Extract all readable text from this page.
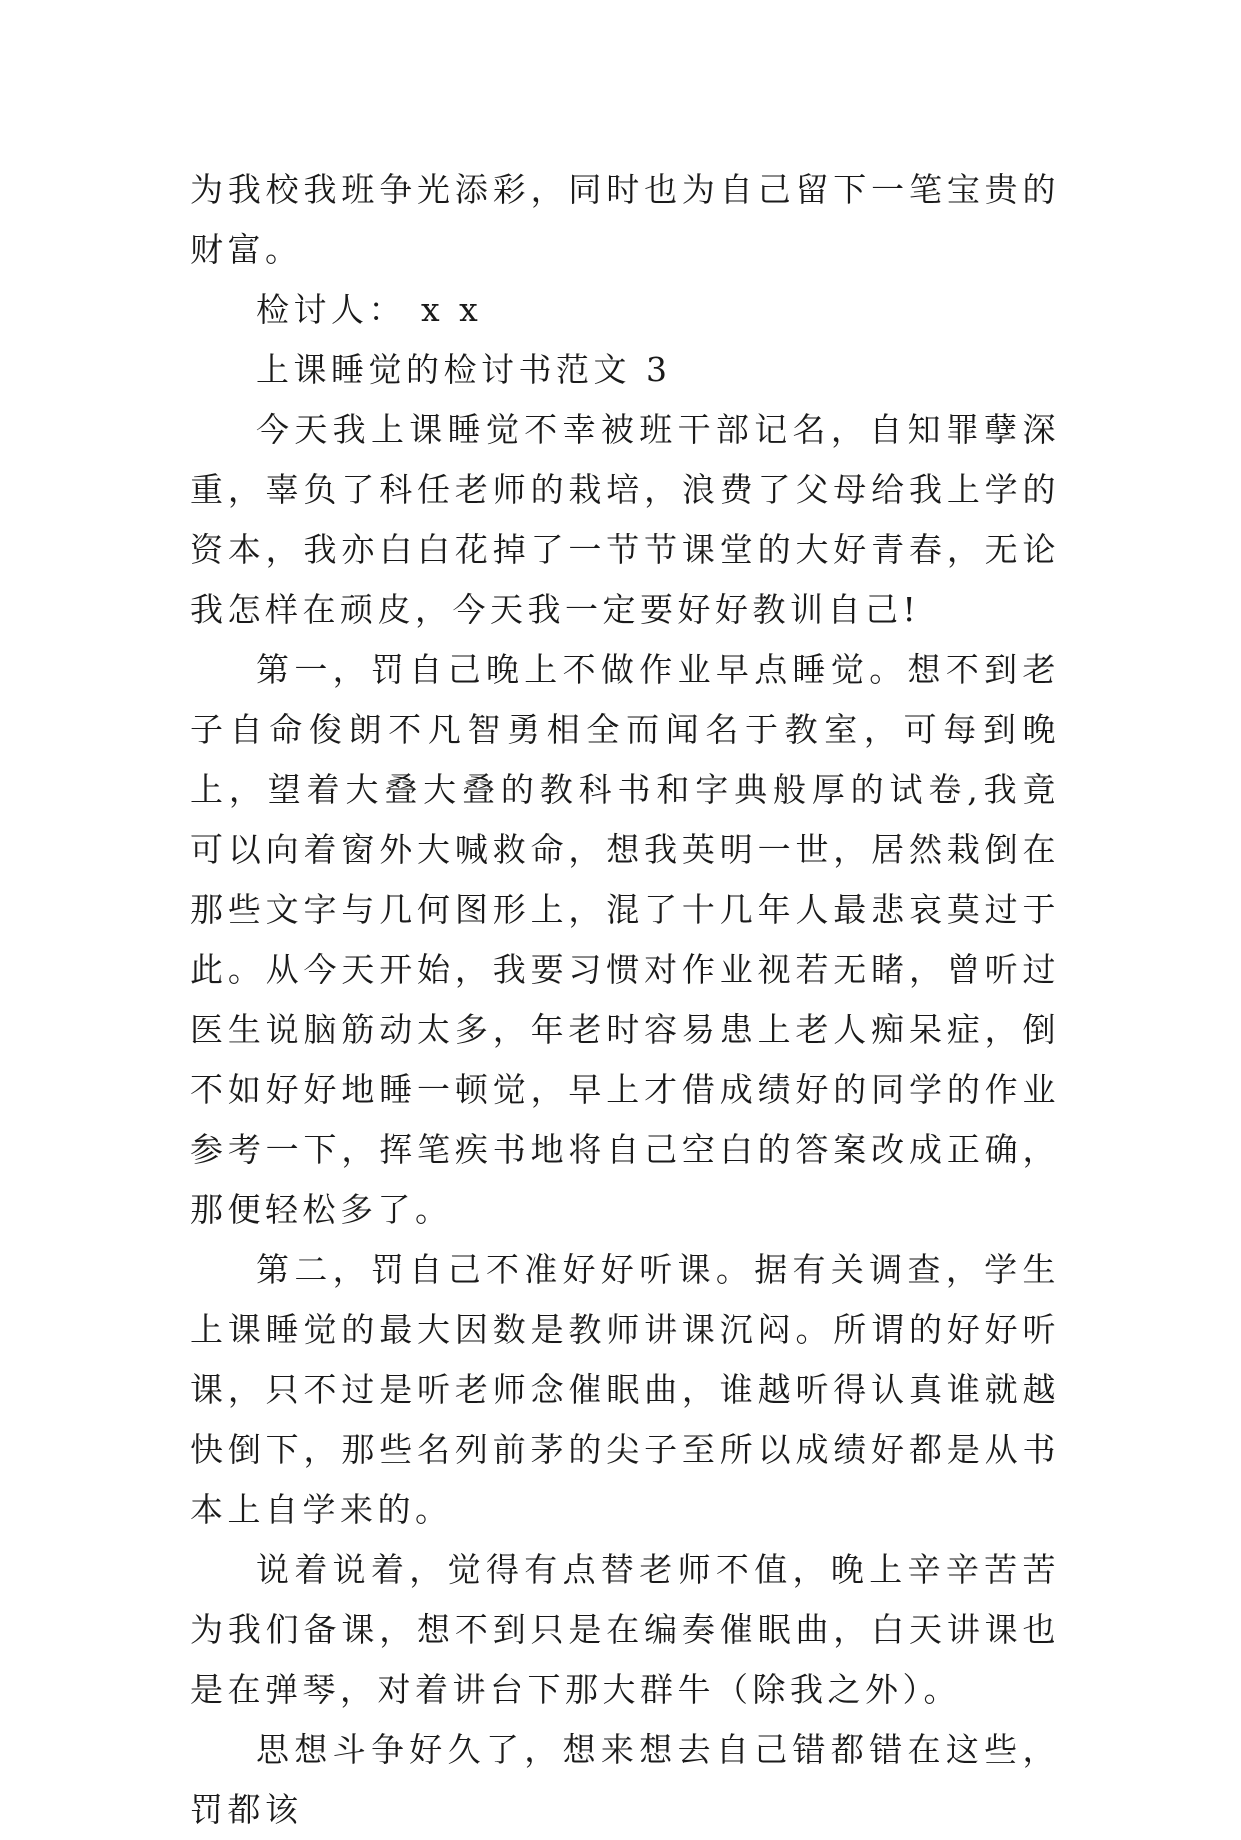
为我校我班争光添彩，同时也为自己留下一笔宝贵的财富。

检讨人： x x

上课睡觉的检讨书范文 3

今天我上课睡觉不幸被班干部记名，自知罪孽深重，辜负了科任老师的栽培，浪费了父母给我上学的资本，我亦白白花掉了一节节课堂的大好青春，无论我怎样在顽皮，今天我一定要好好教训自己!

第一，罚自己晚上不做作业早点睡觉。想不到老子自命俊朗不凡智勇相全而闻名于教室，可每到晚上，望着大叠大叠的教科书和字典般厚的试卷,我竟可以向着窗外大喊救命，想我英明一世，居然栽倒在那些文字与几何图形上，混了十几年人最悲哀莫过于此。从今天开始，我要习惯对作业视若无睹，曾听过医生说脑筋动太多，年老时容易患上老人痴呆症，倒不如好好地睡一顿觉，早上才借成绩好的同学的作业参考一下，挥笔疾书地将自己空白的答案改成正确，那便轻松多了。

第二，罚自己不准好好听课。据有关调查，学生上课睡觉的最大因数是教师讲课沉闷。所谓的好好听课，只不过是听老师念催眠曲，谁越听得认真谁就越快倒下，那些名列前茅的尖子至所以成绩好都是从书本上自学来的。

说着说着，觉得有点替老师不值，晚上辛辛苦苦为我们备课，想不到只是在编奏催眠曲，白天讲课也是在弹琴，对着讲台下那大群牛（除我之外）。

思想斗争好久了，想来想去自己错都错在这些，罚都该
